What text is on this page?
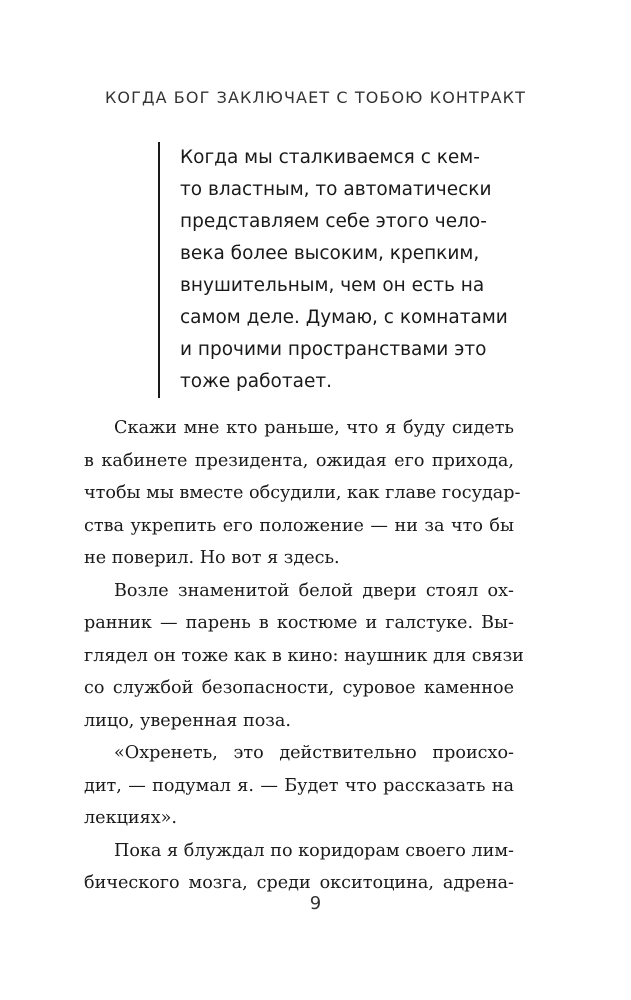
КОГДА БОГ ЗАКЛЮЧАЕТ С ТОБОЮ КОНТРАКТ
Когда мы сталкиваемся с кем-
то властным, то автоматически
представляем себе этого чело-
века более высоким, крепким,
внушительным, чем он есть на
самом деле. Думаю, с комнатами
и прочими пространствами это
тоже работает.
Скажи мне кто раньше, что я буду сидеть
в кабинете президента, ожидая его прихода,
чтобы мы вместе обсудили, как главе государ-
ства укрепить его положение — ни за что бы
не поверил. Но вот я здесь.
Возле знаменитой белой двери стоял ох-
ранник — парень в костюме и галстуке. Вы-
глядел он тоже как в кино: наушник для связи
со службой безопасности, суровое каменное
лицо, уверенная поза.
«Охренеть, это действительно происхо-
дит, — подумал я. — Будет что рассказать на
лекциях».
Пока я блуждал по коридорам своего лим-
бического мозга, среди окситоцина, адрена-
9
